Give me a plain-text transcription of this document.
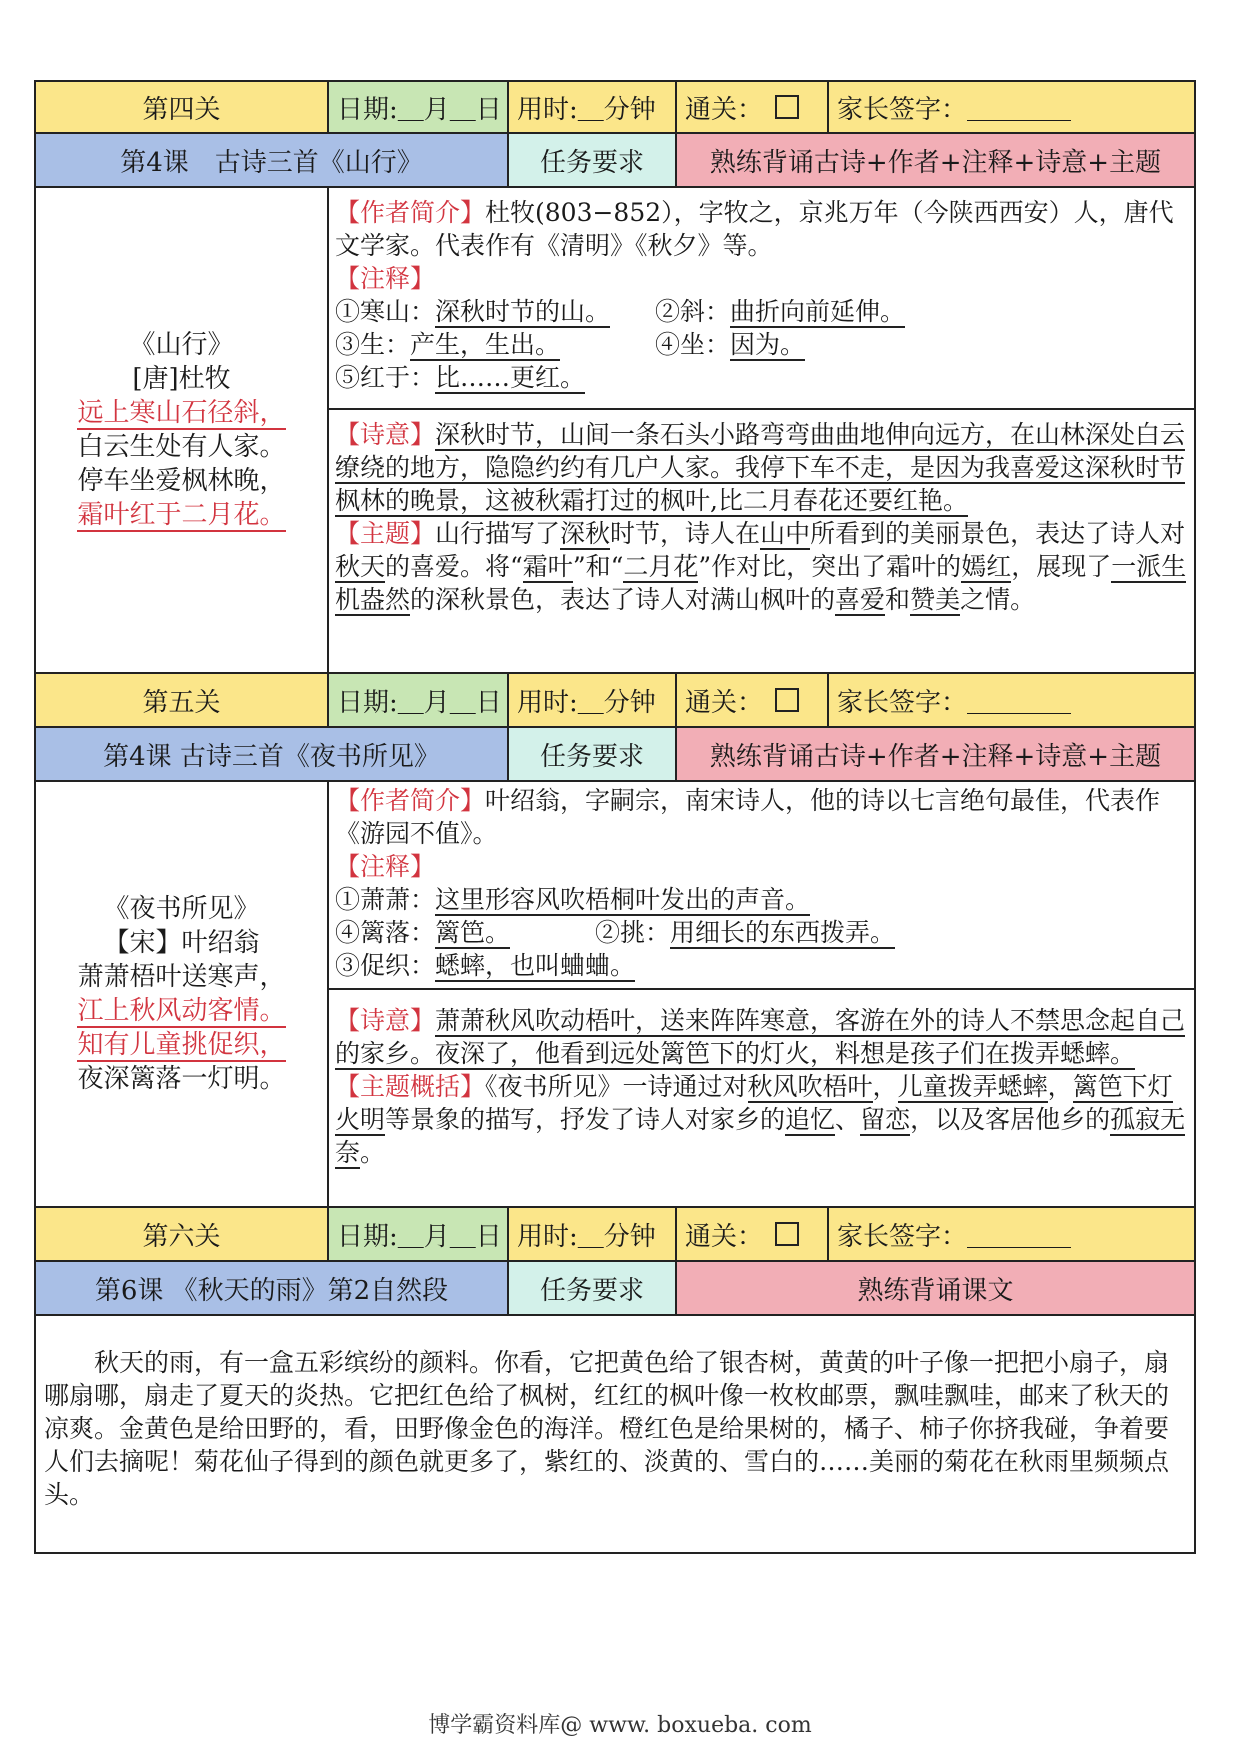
第四关	日期:＿月＿日 用时:＿分钟	通关：	家长签字：＿＿＿＿
第4课　古诗三首《山行》	任务要求	熟练背诵古诗+作者+注释+诗意+主题
《山行》
[唐]杜牧
远上寒山石径斜，
白云生处有人家。
停车坐爱枫林晚，
霜叶红于二月花。
【作者简介】杜牧(803−852），字牧之，京兆万年（今陕西西安）人，唐代文学家。代表作有《清明》《秋夕》等。
【注释】
①寒山：深秋时节的山。	②斜：曲折向前延伸。
③生：产生，生出。	④坐：因为。
⑤红于：比……更红。
【诗意】深秋时节，山间一条石头小路弯弯曲曲地伸向远方，在山林深处白云缭绕的地方，隐隐约约有几户人家。我停下车不走，是因为我喜爱这深秋时节枫林的晚景，这被秋霜打过的枫叶,比二月春花还要红艳。
【主题】山行描写了深秋时节，诗人在山中所看到的美丽景色，表达了诗人对秋天的喜爱。将“霜叶”和“二月花”作对比，突出了霜叶的嫣红，展现了一派生机盎然的深秋景色，表达了诗人对满山枫叶的喜爱和赞美之情。
第五关	日期:＿月＿日 用时:＿分钟	通关：	家长签字：＿＿＿＿
第4课 古诗三首《夜书所见》	任务要求	熟练背诵古诗+作者+注释+诗意+主题
《夜书所见》
【宋】叶绍翁
萧萧梧叶送寒声，
江上秋风动客情。
知有儿童挑促织，
夜深篱落一灯明。
【作者简介】叶绍翁，字嗣宗，南宋诗人，他的诗以七言绝句最佳，代表作《游园不值》。
【注释】
①萧萧：这里形容风吹梧桐叶发出的声音。
④篱落：篱笆。	②挑：用细长的东西拨弄。
③促织：蟋蟀，也叫蛐蛐。
【诗意】萧萧秋风吹动梧叶，送来阵阵寒意，客游在外的诗人不禁思念起自己的家乡。夜深了，他看到远处篱笆下的灯火，料想是孩子们在拨弄蟋蟀。
【主题概括】《夜书所见》一诗通过对秋风吹梧叶，儿童拨弄蟋蟀，篱笆下灯火明等景象的描写，抒发了诗人对家乡的追忆、留恋，以及客居他乡的孤寂无奈。
第六关	日期:＿月＿日 用时:＿分钟	通关：	家长签字：＿＿＿＿
第6课 《秋天的雨》第2自然段	任务要求	熟练背诵课文
秋天的雨，有一盒五彩缤纷的颜料。你看，它把黄色给了银杏树，黄黄的叶子像一把把小扇子，扇哪扇哪，扇走了夏天的炎热。它把红色给了枫树，红红的枫叶像一枚枚邮票，飘哇飘哇，邮来了秋天的凉爽。金黄色是给田野的，看，田野像金色的海洋。橙红色是给果树的，橘子、柿子你挤我碰，争着要人们去摘呢！菊花仙子得到的颜色就更多了，紫红的、淡黄的、雪白的……美丽的菊花在秋雨里频频点头。
博学霸资料库@ www. boxueba. com
